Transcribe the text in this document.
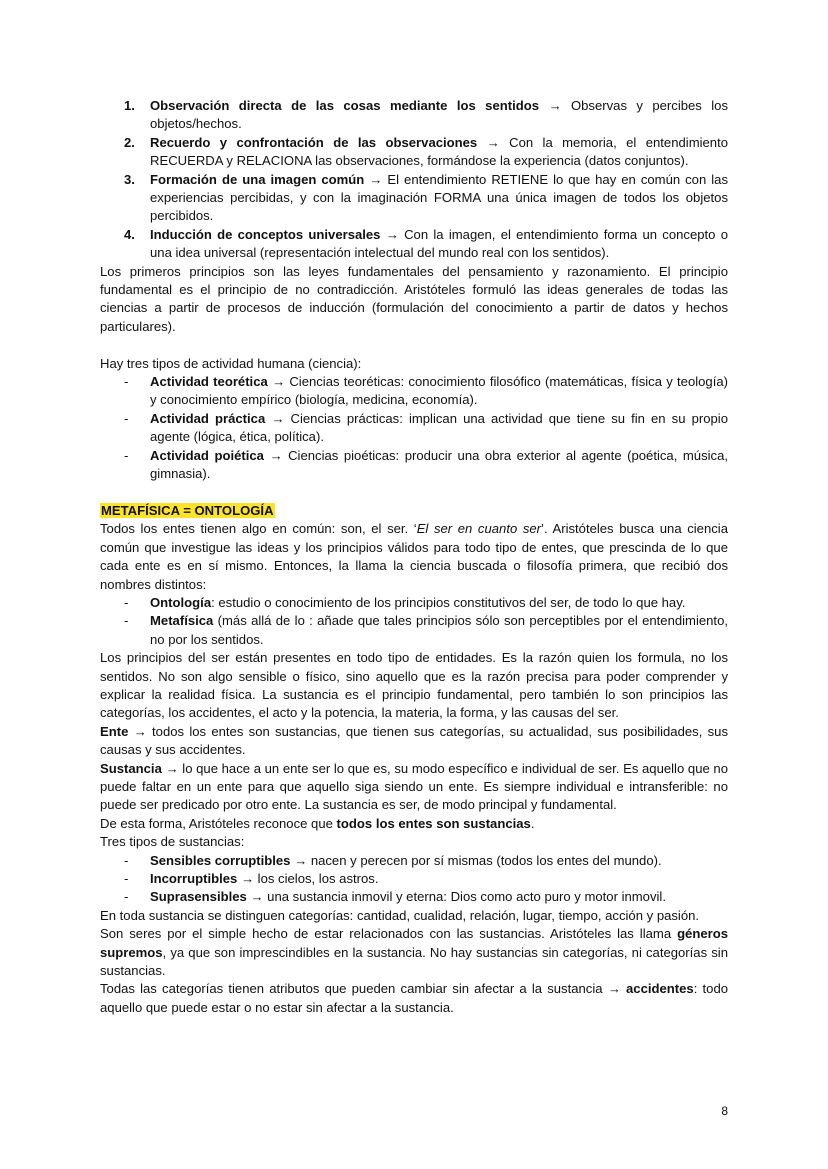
1. Observación directa de las cosas mediante los sentidos → Observas y percibes los objetos/hechos.
2. Recuerdo y confrontación de las observaciones → Con la memoria, el entendimiento RECUERDA y RELACIONA las observaciones, formándose la experiencia (datos conjuntos).
3. Formación de una imagen común → El entendimiento RETIENE lo que hay en común con las experiencias percibidas, y con la imaginación FORMA una única imagen de todos los objetos percibidos.
4. Inducción de conceptos universales → Con la imagen, el entendimiento forma un concepto o una idea universal (representación intelectual del mundo real con los sentidos).

Los primeros principios son las leyes fundamentales del pensamiento y razonamiento. El principio fundamental es el principio de no contradicción. Aristóteles formuló las ideas generales de todas las ciencias a partir de procesos de inducción (formulación del conocimiento a partir de datos y hechos particulares).

Hay tres tipos de actividad humana (ciencia):

- Actividad teorética → Ciencias teoréticas: conocimiento filosófico (matemáticas, física y teología) y conocimiento empírico (biología, medicina, economía).
- Actividad práctica → Ciencias prácticas: implican una actividad que tiene su fin en su propio agente (lógica, ética, política).
- Actividad poiética → Ciencias pioéticas: producir una obra exterior al agente (poética, música, gimnasia).

METAFÍSICA = ONTOLOGÍA

Todos los entes tienen algo en común: son, el ser. ‘El ser en cuanto ser’. Aristóteles busca una ciencia común que investigue las ideas y los principios válidos para todo tipo de entes, que prescinda de lo que cada ente es en sí mismo. Entonces, la llama la ciencia buscada o filosofía primera, que recibió dos nombres distintos:

- Ontología: estudio o conocimiento de los principios constitutivos del ser, de todo lo que hay.
- Metafísica (más allá de lo : añade que tales principios sólo son perceptibles por el entendimiento, no por los sentidos.

Los principios del ser están presentes en todo tipo de entidades. Es la razón quien los formula, no los sentidos. No son algo sensible o físico, sino aquello que es la razón precisa para poder comprender y explicar la realidad física. La sustancia es el principio fundamental, pero también lo son principios las categorías, los accidentes, el acto y la potencia, la materia, la forma, y las causas del ser.

Ente → todos los entes son sustancias, que tienen sus categorías, su actualidad, sus posibilidades, sus causas y sus accidentes.

Sustancia → lo que hace a un ente ser lo que es, su modo específico e individual de ser. Es aquello que no puede faltar en un ente para que aquello siga siendo un ente. Es siempre individual e intransferible: no puede ser predicado por otro ente. La sustancia es ser, de modo principal y fundamental.

De esta forma, Aristóteles reconoce que todos los entes son sustancias.

Tres tipos de sustancias:

- Sensibles corruptibles → nacen y perecen por sí mismas (todos los entes del mundo).
- Incorruptibles → los cielos, los astros.
- Suprasensibles → una sustancia inmovil y eterna: Dios como acto puro y motor inmovil.

En toda sustancia se distinguen categorías: cantidad, cualidad, relación, lugar, tiempo, acción y pasión.

Son seres por el simple hecho de estar relacionados con las sustancias. Aristóteles las llama géneros supremos, ya que son imprescindibles en la sustancia. No hay sustancias sin categorías, ni categorías sin sustancias.

Todas las categorías tienen atributos que pueden cambiar sin afectar a la sustancia → accidentes: todo aquello que puede estar o no estar sin afectar a la sustancia.

8
